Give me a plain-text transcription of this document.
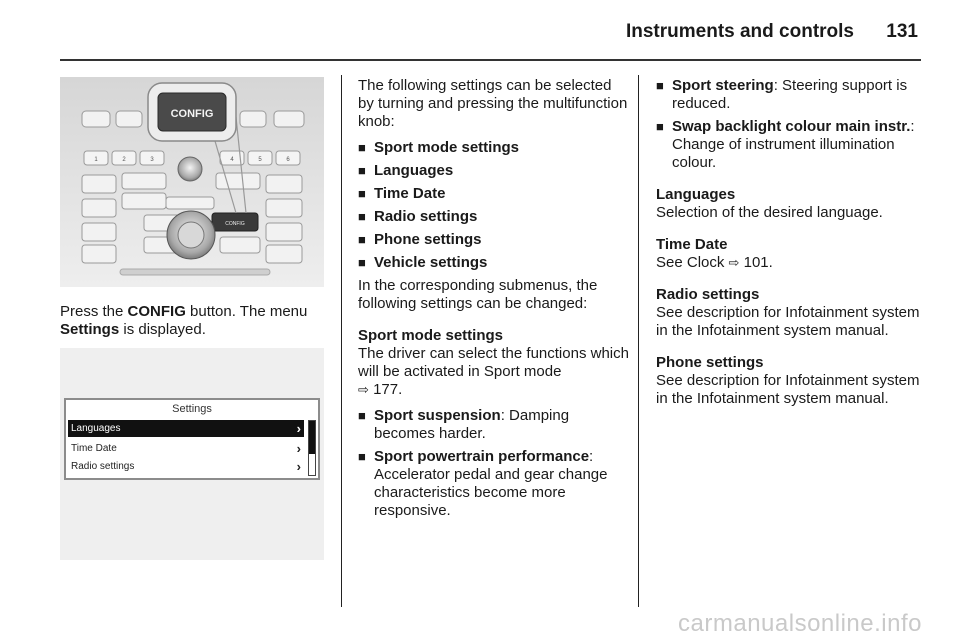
Instruments and controls 131
1	2	3	4	5	6
CONFIG
CONFIG
Press the CONFIG button. The menu Settings is displayed.
Settings
Languages	›
Time Date	›
Radio settings	›
The following settings can be selected by turning and pressing the multifunction knob:
■ Sport mode settings
■ Languages
■ Time Date
■ Radio settings
■ Phone settings
■ Vehicle settings
In the corresponding submenus, the following settings can be changed:
Sport mode settings
The driver can select the functions which will be activated in Sport mode
⇨ 177.
■ Sport suspension: Damping becomes harder.
■ Sport powertrain performance: Accelerator pedal and gear change characteristics become more responsive.
■ Sport steering: Steering support is reduced.
■ Swap backlight colour main instr.: Change of instrument illumination colour.
Languages
Selection of the desired language.
Time Date
See Clock ⇨ 101.
Radio settings
See description for Infotainment system in the Infotainment system manual.
Phone settings
See description for Infotainment system in the Infotainment system manual.
carmanualsonline.info
